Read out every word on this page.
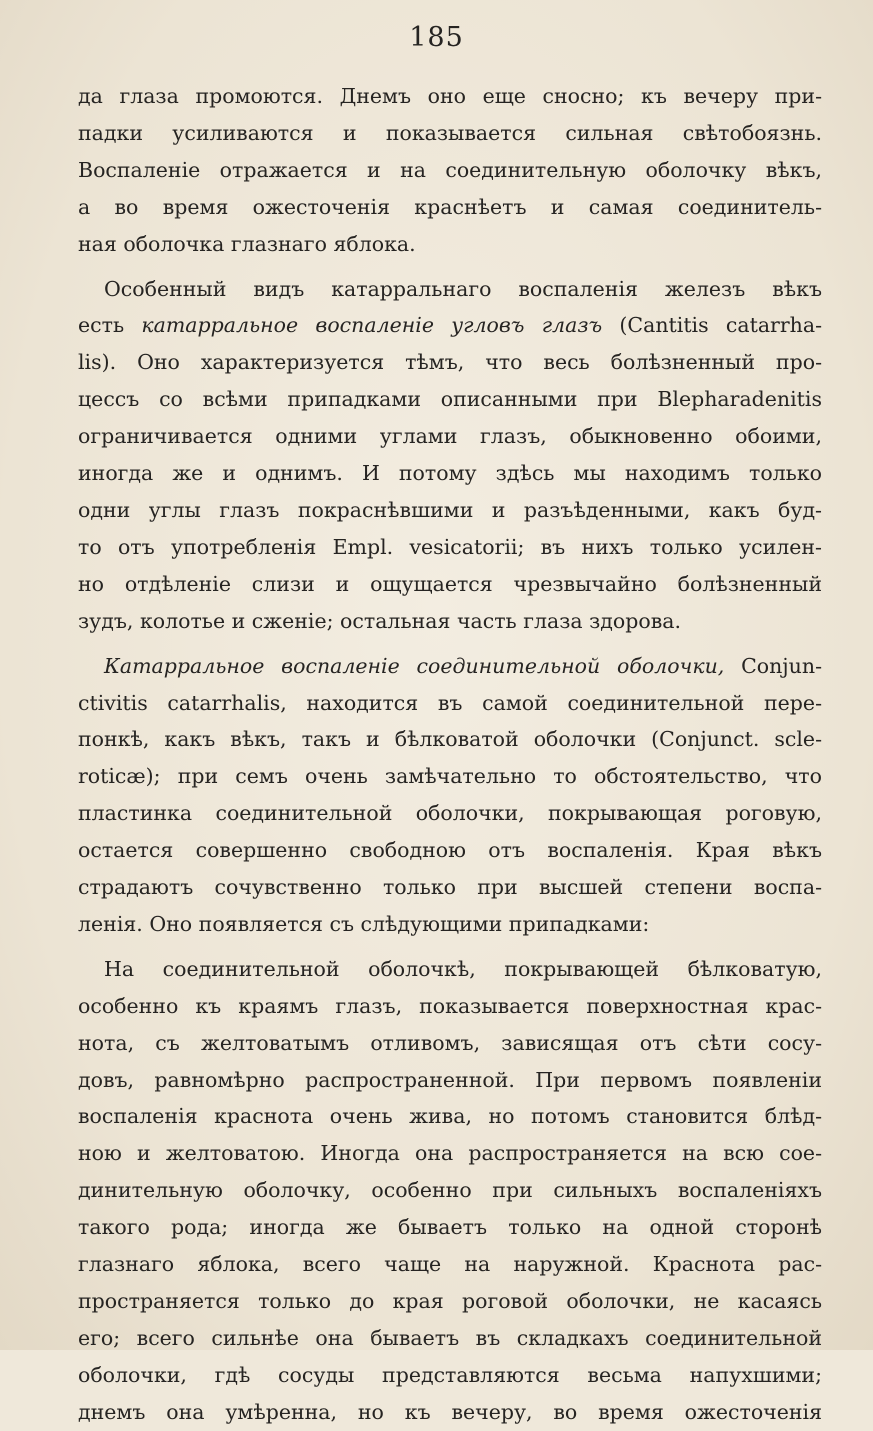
185
да глаза промоются. Днемъ оно еще сносно; къ вечеру при-
падки усиливаются и показывается сильная свѣтобоязнь.
Воспаленіе отражается и на соединительную оболочку вѣкъ,
а во время ожесточенія краснѣетъ и самая соединитель-
ная оболочка глазнаго яблока.
Особенный видъ катарральнаго воспаленія железъ вѣкъ
есть катарральное воспаленіе угловъ глазъ (Cantitis catarrha-
lis). Оно характеризуется тѣмъ, что весь болѣзненный про-
цессъ со всѣми припадками описанными при Blepharadenitis
ограничивается одними углами глазъ, обыкновенно обоими,
иногда же и однимъ. И потому здѣсь мы находимъ только
одни углы глазъ покраснѣвшими и разъѣденными, какъ буд-
то отъ употребленія Empl. vesicatorii; въ нихъ только усилен-
но отдѣленіе слизи и ощущается чрезвычайно болѣзненный
зудъ, колотье и сженіе; остальная часть глаза здорова.
Катарральное воспаленіе соединительной оболочки, Conjun-
ctivitis catarrhalis, находится въ самой соединительной пере-
понкѣ, какъ вѣкъ, такъ и бѣлковатой оболочки (Conjunct. scle-
roticæ); при семъ очень замѣчательно то обстоятельство, что
пластинка соединительной оболочки, покрывающая роговую,
остается совершенно свободною отъ воспаленія. Края вѣкъ
страдаютъ сочувственно только при высшей степени воспа-
ленія. Оно появляется съ слѣдующими припадками:
На соединительной оболочкѣ, покрывающей бѣлковатую,
особенно къ краямъ глазъ, показывается поверхностная крас-
нота, съ желтоватымъ отливомъ, зависящая отъ сѣти сосу-
довъ, равномѣрно распространенной. При первомъ появленіи
воспаленія краснота очень жива, но потомъ становится блѣд-
ною и желтоватою. Иногда она распространяется на всю сое-
динительную оболочку, особенно при сильныхъ воспаленіяхъ
такого рода; иногда же бываетъ только на одной сторонѣ
глазнаго яблока, всего чаще на наружной. Краснота рас-
пространяется только до края роговой оболочки, не касаясь
его; всего сильнѣе она бываетъ въ складкахъ соединительной
оболочки, гдѣ сосуды представляются весьма напухшими;
днемъ она умѣренна, но къ вечеру, во время ожесточенія
